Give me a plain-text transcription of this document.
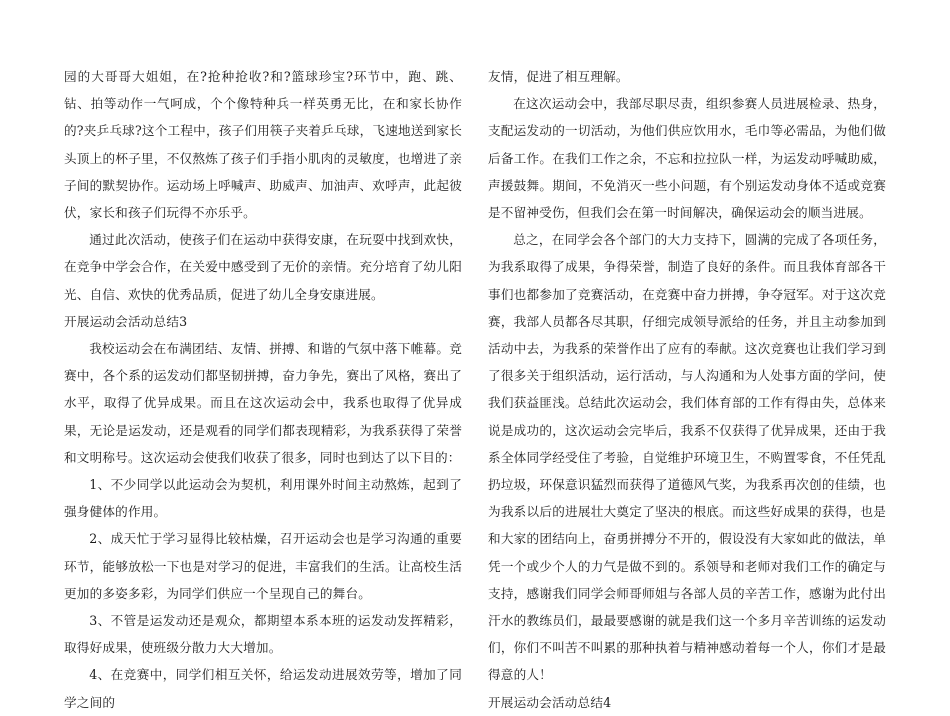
园的大哥哥大姐姐，在?抢种抢收?和?篮球珍宝?环节中，跑、跳、钻、拍等动作一气呵成，个个像特种兵一样英勇无比，在和家长协作的?夹乒乓球?这个工程中，孩子们用筷子夹着乒乓球，飞速地送到家长头顶上的杯子里，不仅熬炼了孩子们手指小肌肉的灵敏度，也增进了亲子间的默契协作。运动场上呼喊声、助威声、加油声、欢呼声，此起彼伏，家长和孩子们玩得不亦乐乎。

通过此次活动，使孩子们在运动中获得安康，在玩耍中找到欢快，在竞争中学会合作，在关爱中感受到了无价的亲情。充分培育了幼儿阳光、自信、欢快的优秀品质，促进了幼儿全身安康进展。

开展运动会活动总结3

我校运动会在布满团结、友情、拼搏、和谐的气氛中落下帷幕。竞赛中，各个系的运发动们都坚韧拼搏，奋力争先，赛出了风格，赛出了水平，取得了优异成果。而且在这次运动会中，我系也取得了优异成果，无论是运发动，还是观看的同学们都表现精彩，为我系获得了荣誉和文明称号。这次运动会使我们收获了很多，同时也到达了以下目的：

1、不少同学以此运动会为契机，利用课外时间主动熬炼，起到了强身健体的作用。

2、成天忙于学习显得比较枯燥，召开运动会也是学习沟通的重要环节，能够放松一下也是对学习的促进，丰富我们的生活。让高校生活更加的多姿多彩，为同学们供应一个呈现自己的舞台。

3、不管是运发动还是观众，都期望本系本班的运发动发挥精彩，取得好成果，使班级分散力大大增加。

4、在竞赛中，同学们相互关怀，给运发动进展效劳等，增加了同学之间的

友情，促进了相互理解。

在这次运动会中，我部尽职尽责，组织参赛人员进展检录、热身，支配运发动的一切活动，为他们供应饮用水，毛巾等必需品，为他们做后备工作。在我们工作之余，不忘和拉拉队一样，为运发动呼喊助威，声援鼓舞。期间，不免消灭一些小问题，有个别运发动身体不适或竞赛是不留神受伤，但我们会在第一时间解决，确保运动会的顺当进展。

总之，在同学会各个部门的大力支持下，圆满的完成了各项任务，为我系取得了成果，争得荣誉，制造了良好的条件。而且我体育部各干事们也都参加了竞赛活动，在竞赛中奋力拼搏，争夺冠军。对于这次竞赛，我部人员都各尽其职，仔细完成领导派给的任务，并且主动参加到活动中去，为我系的荣誉作出了应有的奉献。这次竞赛也让我们学习到了很多关于组织活动，运行活动，与人沟通和为人处事方面的学问，使我们获益匪浅。总结此次运动会，我们体育部的工作有得由失，总体来说是成功的，这次运动会完毕后，我系不仅获得了优异成果，还由于我系全体同学经受住了考验，自觉维护环境卫生，不购置零食，不任凭乱扔垃圾，环保意识猛烈而获得了道德风气奖，为我系再次创的佳绩，也为我系以后的进展壮大奠定了坚决的根底。而这些好成果的获得，也是和大家的团结向上，奋勇拼搏分不开的，假设没有大家如此的做法，单凭一个或少个人的力气是做不到的。系领导和老师对我们工作的确定与支持，感谢我们同学会师哥师姐与各部人员的辛苦工作，感谢为此付出汗水的教练员们，最最要感谢的就是我们这一个多月辛苦训练的运发动们，你们不叫苦不叫累的那种执着与精神感动着每一个人，你们才是最得意的人！

开展运动会活动总结4
